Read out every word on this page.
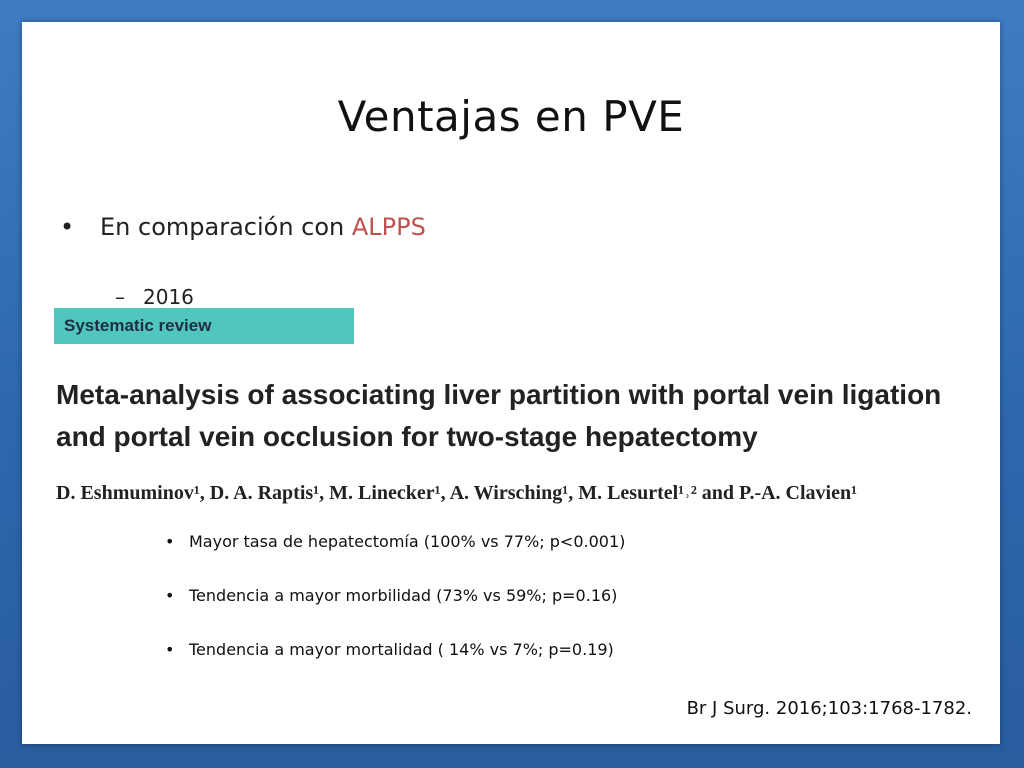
Ventajas en PVE
• En comparación con ALPPS
– 2016
Systematic review
Meta-analysis of associating liver partition with portal vein ligation and portal vein occlusion for two-stage hepatectomy
D. Eshmuminov¹, D. A. Raptis¹, M. Linecker¹, A. Wirsching¹, M. Lesurtel¹˒² and P.-A. Clavien¹
• Mayor tasa de hepatectomía (100% vs 77%; p<0.001)
• Tendencia a mayor morbilidad (73% vs 59%; p=0.16)
• Tendencia a mayor mortalidad ( 14% vs 7%; p=0.19)
Br J Surg. 2016;103:1768-1782.
